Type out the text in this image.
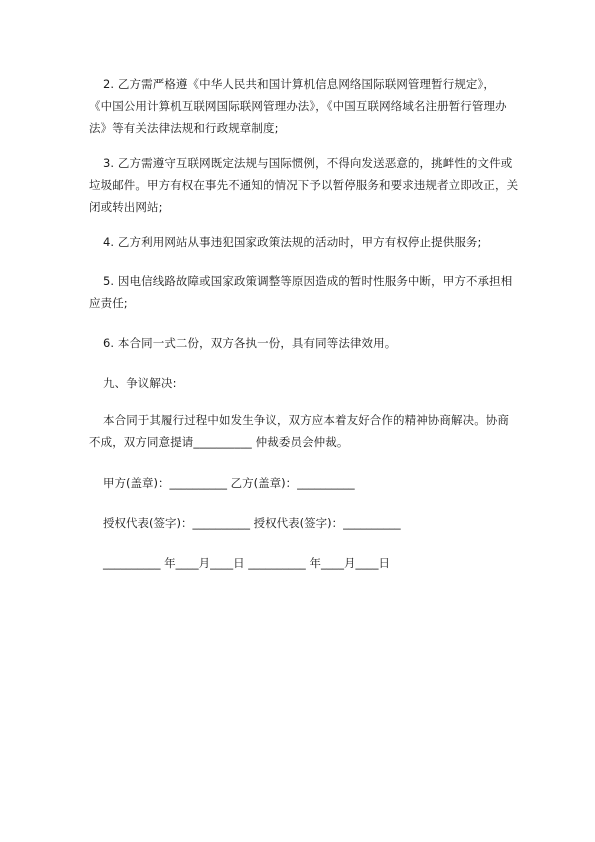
2. 乙方需严格遵《中华人民共和国计算机信息网络国际联网管理暂行规定》，
《中国公用计算机互联网国际联网管理办法》，《中国互联网络域名注册暂行管理办
法》等有关法律法规和行政规章制度;
3. 乙方需遵守互联网既定法规与国际惯例，不得向发送恶意的，挑衅性的文件或
垃圾邮件。甲方有权在事先不通知的情况下予以暂停服务和要求违规者立即改正，关
闭或转出网站;
4. 乙方利用网站从事违犯国家政策法规的活动时，甲方有权停止提供服务;
5. 因电信线路故障或国家政策调整等原因造成的暂时性服务中断，甲方不承担相
应责任;
6. 本合同一式二份，双方各执一份，具有同等法律效用。
九、争议解决:
本合同于其履行过程中如发生争议，双方应本着友好合作的精神协商解决。协商
不成，双方同意提请__________ 仲裁委员会仲裁。
甲方(盖章)：__________ 乙方(盖章)：__________
授权代表(签字)：__________ 授权代表(签字)：__________
__________ 年____月____日 __________ 年____月____日
